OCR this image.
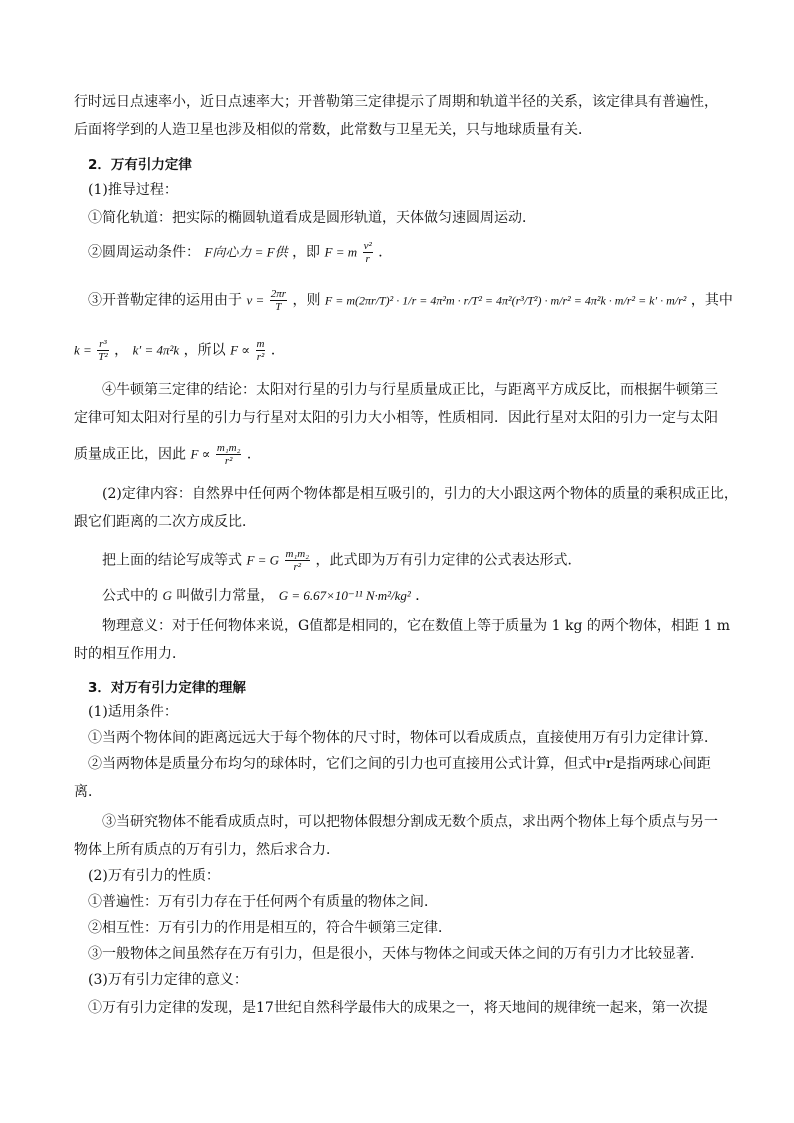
行时远日点速率小，近日点速率大；开普勒第三定律提示了周期和轨道半径的关系，该定律具有普遍性，
后面将学到的人造卫星也涉及相似的常数，此常数与卫星无关，只与地球质量有关．
2．万有引力定律
(1)推导过程：
①简化轨道：把实际的椭圆轨道看成是圆形轨道，天体做匀速圆周运动．
②圆周运动条件： F向心力 = F供 ，即 F = m $\frac{\text{v²}}{r}$ ．
③开普勒定律的运用由于 $v = \frac{2\pi r}{T}$ ，则 F = m(2πr/T)² · 1/r = 4π²m · r/T² = 4π²(r³/T²) · m/r² = 4π²k · m/r² = k′ · m/r² ，其中
$k = \frac{\text{r³}}{\text{T²}}$ ， k′ = 4π²k ，所以 $F \propto \frac{m}{\text{r²}}$ ．
④牛顿第三定律的结论：太阳对行星的引力与行星质量成正比，与距离平方成反比，而根据牛顿第三
定律可知太阳对行星的引力与行星对太阳的引力大小相等，性质相同．因此行星对太阳的引力一定与太阳
质量成正比，因此 $F \propto \frac{\text{m₁m₂}}{\text{r²}}$ ．
(2)定律内容：自然界中任何两个物体都是相互吸引的，引力的大小跟这两个物体的质量的乘积成正比，
跟它们距离的二次方成反比．
把上面的结论写成等式 F = G $\frac{\text{m₁m₂}}{\text{r²}}$ ，此式即为万有引力定律的公式表达形式．
公式中的 G 叫做引力常量， G = 6.67×10⁻¹¹ N·m²/kg² ．
物理意义：对于任何物体来说，G值都是相同的，它在数值上等于质量为 1 kg 的两个物体，相距 1 m
时的相互作用力．
3．对万有引力定律的理解
(1)适用条件：
①当两个物体间的距离远远大于每个物体的尺寸时，物体可以看成质点，直接使用万有引力定律计算．
②当两物体是质量分布均匀的球体时，它们之间的引力也可直接用公式计算，但式中r是指两球心间距
离．
③当研究物体不能看成质点时，可以把物体假想分割成无数个质点，求出两个物体上每个质点与另一
物体上所有质点的万有引力，然后求合力．
(2)万有引力的性质：
①普遍性：万有引力存在于任何两个有质量的物体之间．
②相互性：万有引力的作用是相互的，符合牛顿第三定律．
③一般物体之间虽然存在万有引力，但是很小，天体与物体之间或天体之间的万有引力才比较显著．
(3)万有引力定律的意义：
①万有引力定律的发现，是17世纪自然科学最伟大的成果之一，将天地间的规律统一起来，第一次提
